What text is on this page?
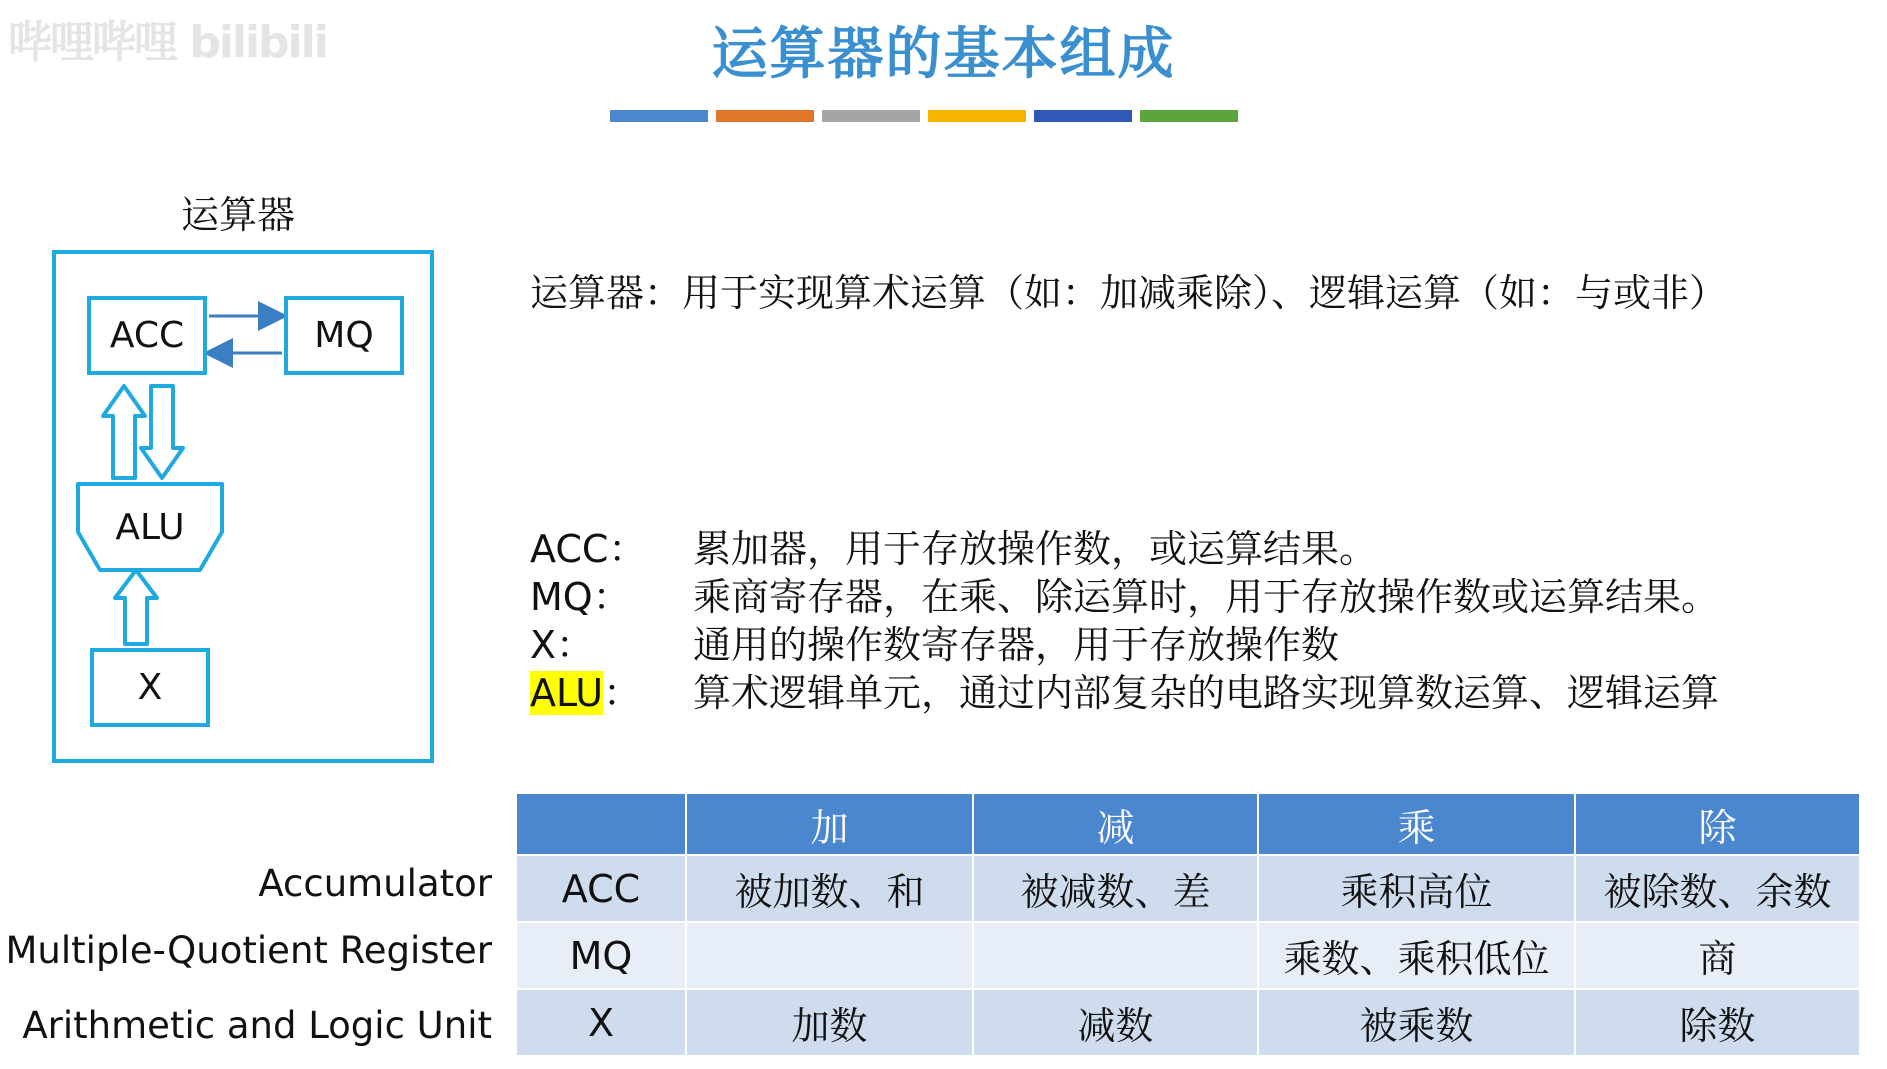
哔哩哔哩 bilibili	运算器的基本组成
运算器
ACC	MQ
ALU
X
运算器：用于实现算术运算（如：加减乘除）、逻辑运算（如：与或非）
ACC： 累加器，用于存放操作数，或运算结果。
MQ： 乘商寄存器，在乘、除运算时，用于存放操作数或运算结果。
X：	通用的操作数寄存器，用于存放操作数
ALU： 算术逻辑单元，通过内部复杂的电路实现算数运算、逻辑运算
Accumulator
Multiple-Quotient Register
Arithmetic and Logic Unit
	加	减	乘	除
ACC	被加数、和	被减数、差	乘积高位	被除数、余数
MQ			乘数、乘积低位	商
X	加数	减数	被乘数	除数
